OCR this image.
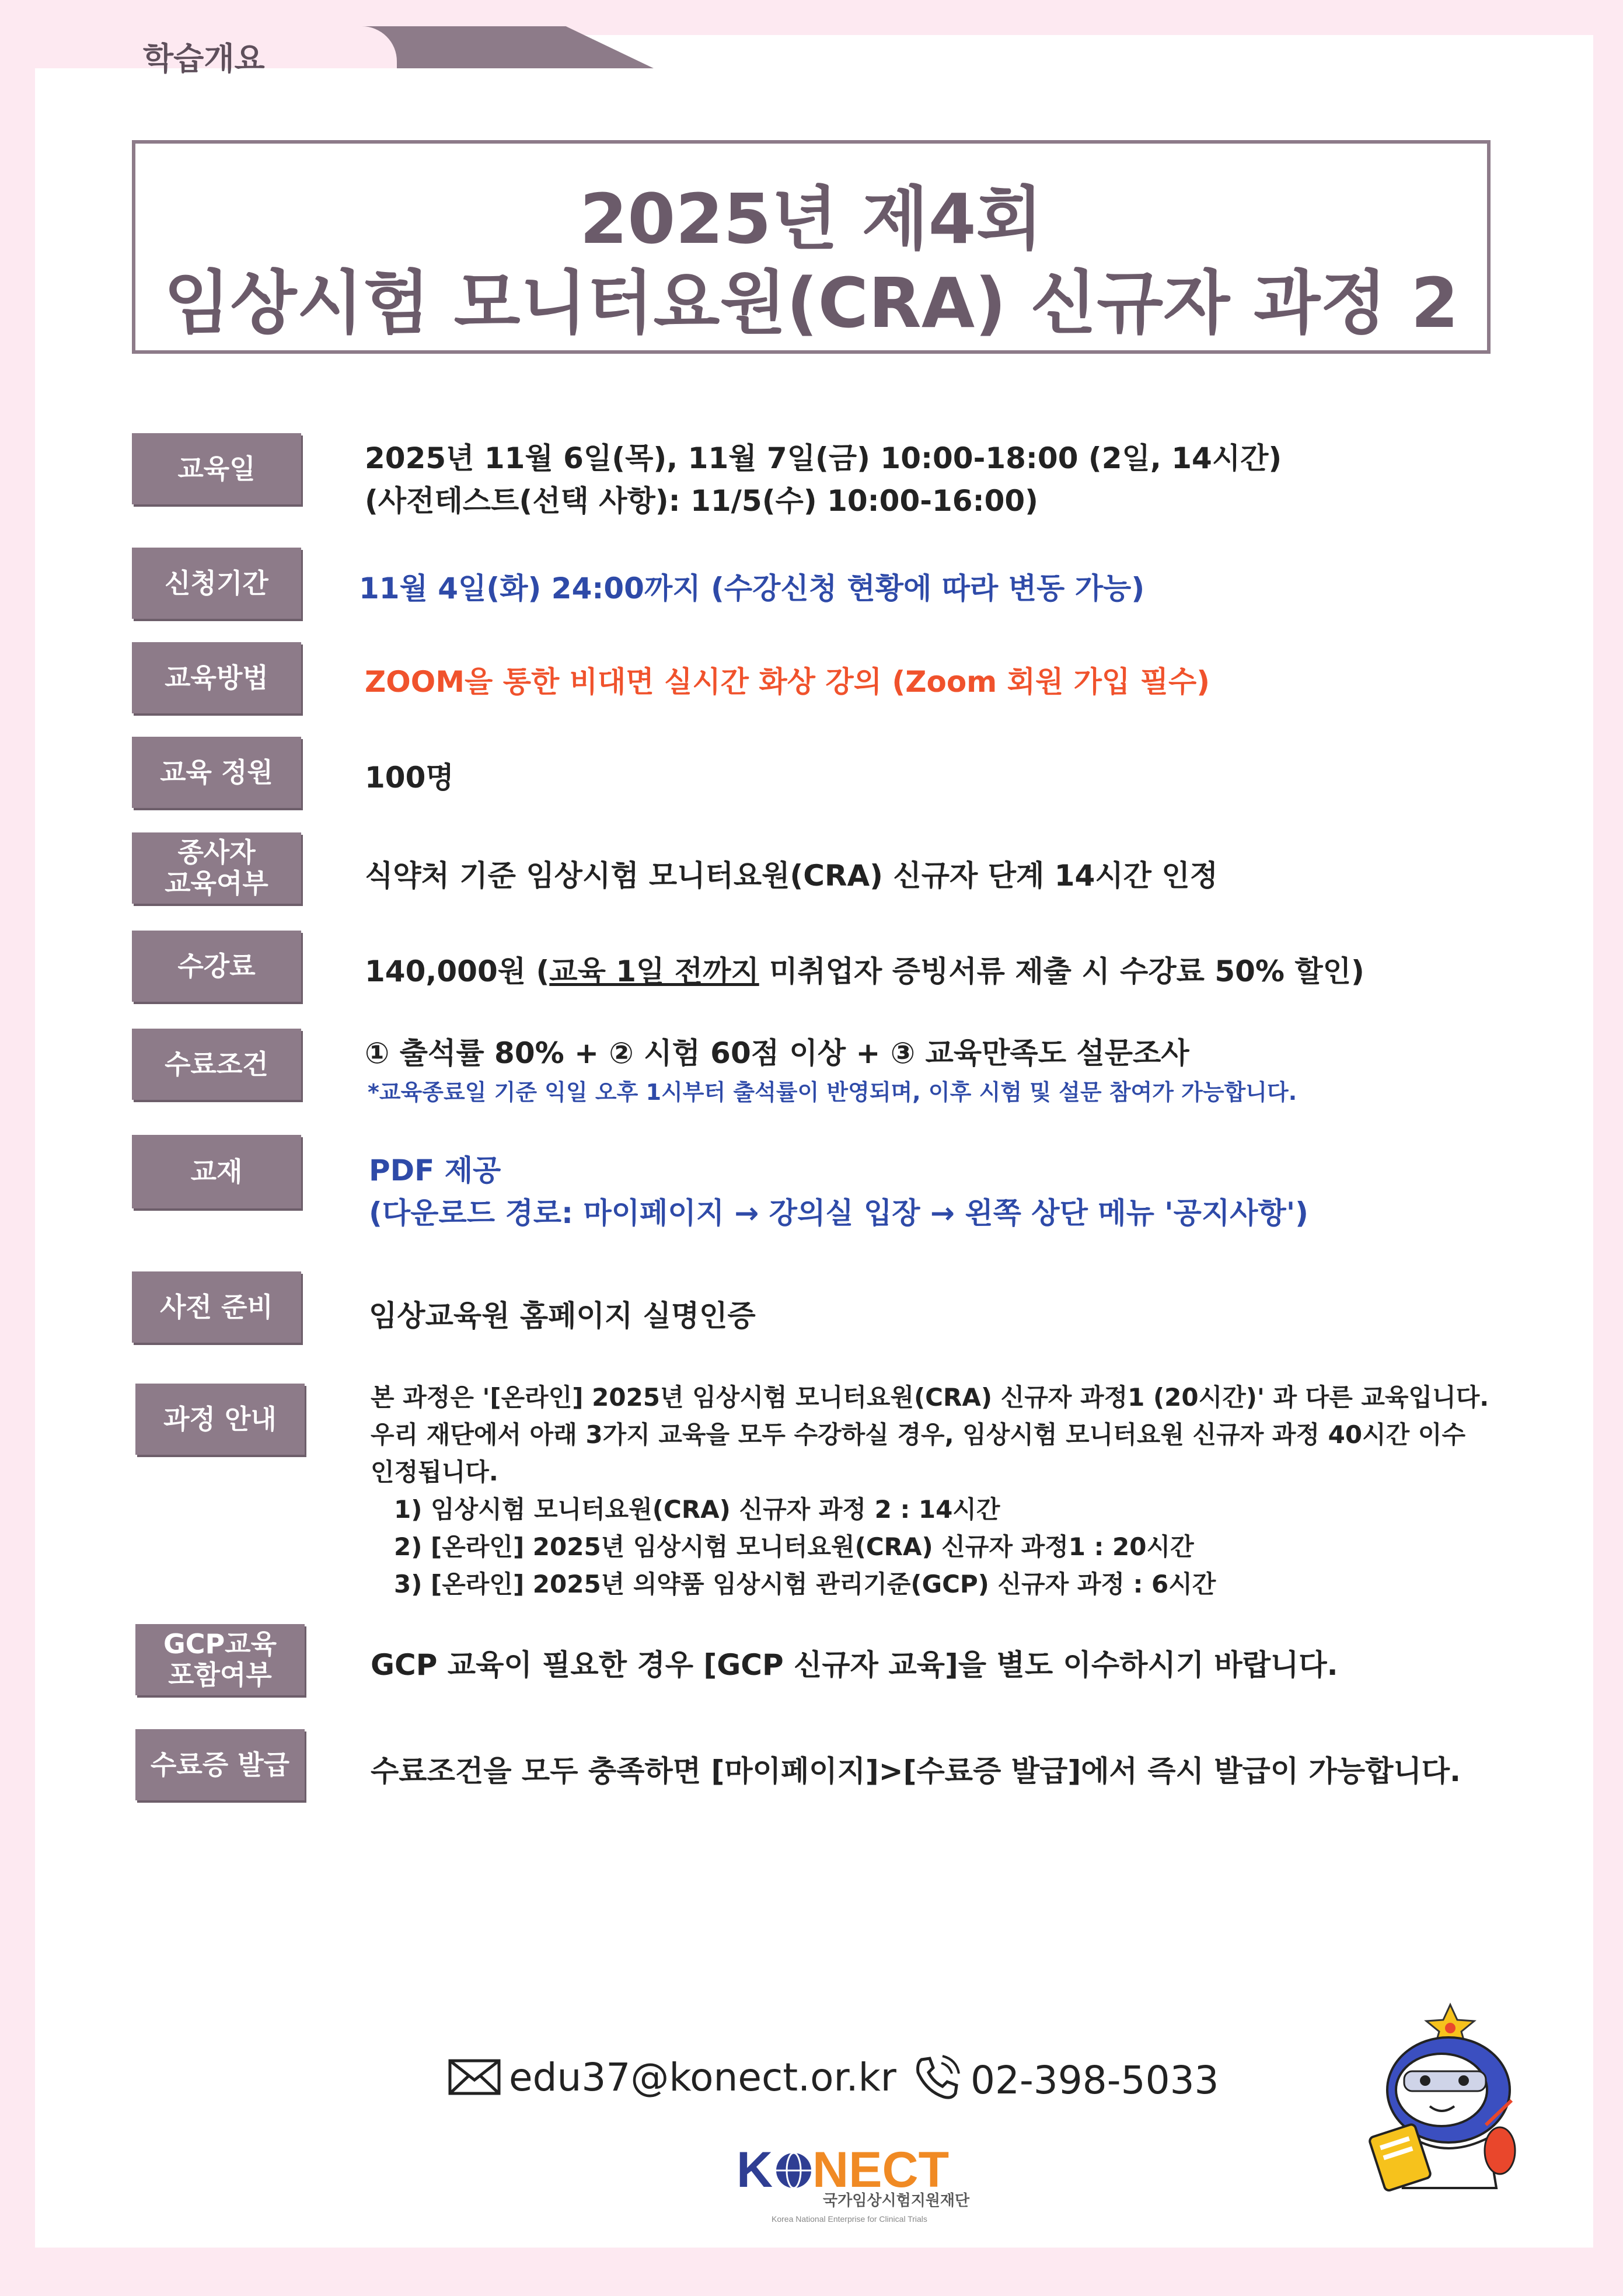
학습개요
2025년 제4회
임상시험 모니터요원(CRA) 신규자 과정 2
교육일	2025년 11월 6일(목), 11월 7일(금) 10:00-18:00 (2일, 14시간)
(사전테스트(선택 사항): 11/5(수) 10:00-16:00)
신청기간	11월 4일(화) 24:00까지 (수강신청 현황에 따라 변동 가능)
교육방법	ZOOM을 통한 비대면 실시간 화상 강의 (Zoom 회원 가입 필수)
교육 정원	100명
종사자
교육여부	식약처 기준 임상시험 모니터요원(CRA) 신규자 단계 14시간 인정
수강료	140,000원 (교육 1일 전까지 미취업자 증빙서류 제출 시 수강료 50% 할인)
수료조건	① 출석률 80% + ② 시험 60점 이상 + ③ 교육만족도 설문조사
*교육종료일 기준 익일 오후 1시부터 출석률이 반영되며, 이후 시험 및 설문 참여가 가능합니다.
교재	PDF 제공
(다운로드 경로: 마이페이지 → 강의실 입장 → 왼쪽 상단 메뉴 '공지사항')
사전 준비	임상교육원 홈페이지 실명인증
과정 안내
본 과정은 '[온라인] 2025년 임상시험 모니터요원(CRA) 신규자 과정1 (20시간)' 과 다른 교육입니다.
우리 재단에서 아래 3가지 교육을 모두 수강하실 경우, 임상시험 모니터요원 신규자 과정 40시간 이수
인정됩니다.
1) 임상시험 모니터요원(CRA) 신규자 과정 2 : 14시간
2) [온라인] 2025년 임상시험 모니터요원(CRA) 신규자 과정1 : 20시간
3) [온라인] 2025년 의약품 임상시험 관리기준(GCP) 신규자 과정 : 6시간
GCP교육
포함여부	GCP 교육이 필요한 경우 [GCP 신규자 교육]을 별도 이수하시기 바랍니다.
수료증 발급	수료조건을 모두 충족하면 [마이페이지]>[수료증 발급]에서 즉시 발급이 가능합니다.
edu37@konect.or.kr	02-398-5033
K NECT
국가임상시험지원재단
Korea National Enterprise for Clinical Trials
